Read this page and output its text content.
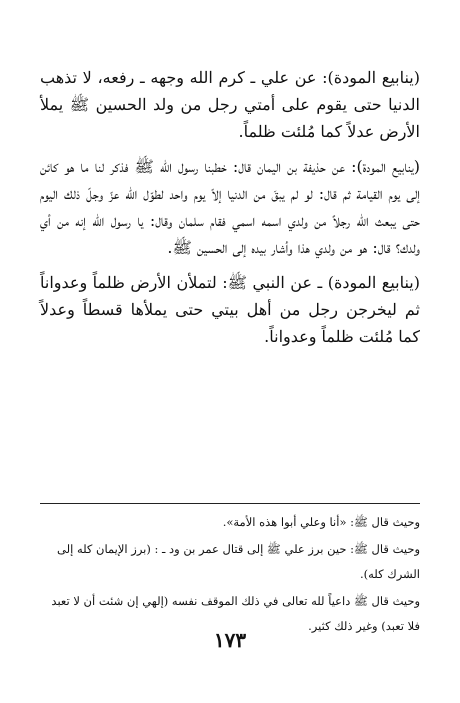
(ينابيع المودة): عن علي ـ كرم الله وجهه ـ رفعه، لا تذهب الدنيا حتى يقوم على أمتي رجل من ولد الحسين ﷺ يملأ الأرض عدلاً كما مُلئت ظلماً.

(ينابيع المودة): عن حذيفة بن اليمان قال: خطبنا رسول الله ﷺ فذكر لنا ما هو كائن إلى يوم القيامة ثم قال: لو لم يبقَ من الدنيا إلاّ يوم واحد لطوّل الله عزّ وجلّ ذلك اليوم حتى يبعث الله رجلاً من ولدي اسمه اسمي فقام سلمان وقال: يا رسول الله إنه من أي ولدك؟ قال: هو من ولدي هذا وأشار بيده إلى الحسين ﷺ.

(ينابيع المودة) ـ عن النبي ﷺ: لتملأن الأرض ظلماً وعدواناً ثم ليخرجن رجل من أهل بيتي حتى يملأها قسطاً وعدلاً كما مُلئت ظلماً وعدواناً.

وحيث قال ﷺ: «أنا وعلي أبوا هذه الأمة».

وحيث قال ﷺ: حين برز علي ﷺ إلى قتال عمر بن ود ـ : (برز الإيمان كله إلى الشرك كله).

وحيث قال ﷺ داعياً لله تعالى في ذلك الموقف نفسه (إلهي إن شئت أن لا تعبد فلا تعبد) وغير ذلك كثير.

١٧٣
